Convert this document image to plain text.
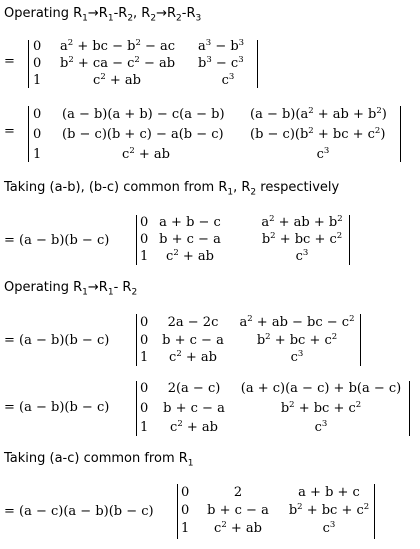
Operating $R_1\to R_1-R_2$, $R_2\to R_2-R_3$
=
0
0
1
$a^2$ + bc − $b^2$ − ac
$b^2$ + ca − $c^2$ − ab
$c^2$ + ab
$a^3 - b^3$
$b^3 - c^3$
$c^3$
=
0
0
1
(a − b)(a + b) − c(a − b)
(b − c)(b + c) − a(b − c)
$c^2$ + ab
$(a - b)(a^2$ + ab + $b^2$)
$(b - c)(b^2$ + bc + $c^2$)
$c^3$
Taking (a-b), (b-c) common from $R_1$, $R_2$ respectively
= (a − b)(b − c)
0
0
1
a + b − c
b + c − a
$c^2$ + ab
$a^2$ + ab + $b^2$
$b^2$ + bc + $c^2$
$c^3$
Operating $R_1\to R_1-$ $R_2$
= (a − b)(b − c)
0
0
1
2a − 2c
b + c − a
$c^2$ + ab
$a^2$ + ab − bc − $c^2$
$b^2$ + bc + $c^2$
$c^3$
= (a − b)(b − c)
0
0
1
2(a − c)
b + c − a
$c^2$ + ab
(a + c)(a − c) + b(a − c)
$b^2$ + bc + $c^2$
$c^3$
Taking (a-c) common from $R_1$
= (a − c)(a − b)(b − c)
0
0
1
2
b + c − a
$c^2$ + ab
a + b + c
$b^2$ + bc + $c^2$
$c^3$
